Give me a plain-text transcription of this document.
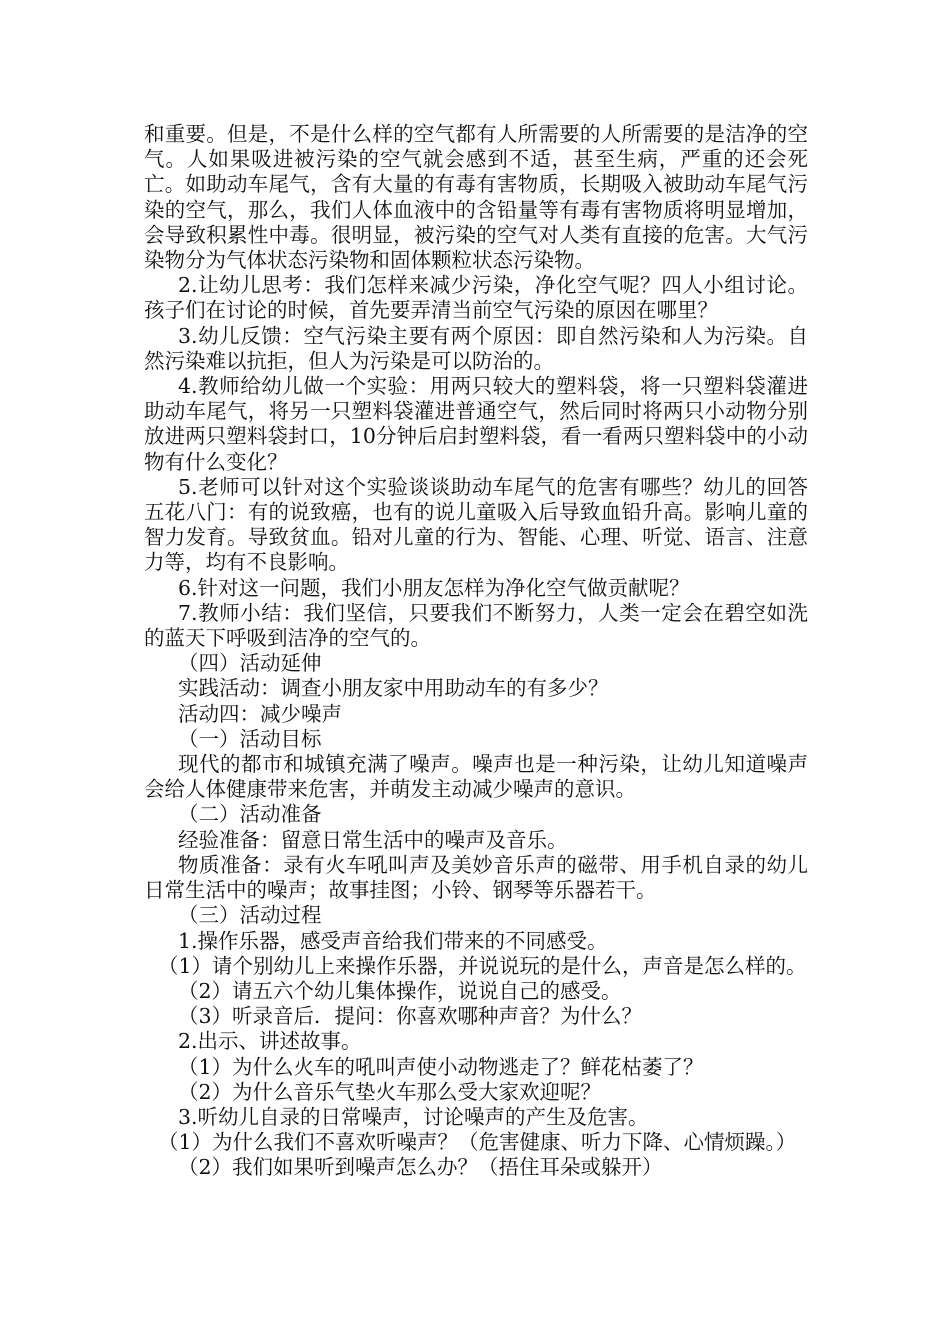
和重要。但是，不是什么样的空气都有人所需要的人所需要的是洁净的空气。人如果吸进被污染的空气就会感到不适，甚至生病，严重的还会死亡。如助动车尾气，含有大量的有毒有害物质，长期吸入被助动车尾气污染的空气，那么，我们人体血液中的含铅量等有毒有害物质将明显增加，会导致积累性中毒。很明显，被污染的空气对人类有直接的危害。大气污染物分为气体状态污染物和固体颗粒状态污染物。

2.让幼儿思考：我们怎样来减少污染，净化空气呢？四人小组讨论。孩子们在讨论的时候，首先要弄清当前空气污染的原因在哪里？

3.幼儿反馈：空气污染主要有两个原因：即自然污染和人为污染。自然污染难以抗拒，但人为污染是可以防治的。

4.教师给幼儿做一个实验：用两只较大的塑料袋，将一只塑料袋灌进助动车尾气，将另一只塑料袋灌进普通空气，然后同时将两只小动物分别放进两只塑料袋封口，10分钟后启封塑料袋，看一看两只塑料袋中的小动物有什么变化？

5.老师可以针对这个实验谈谈助动车尾气的危害有哪些？幼儿的回答五花八门：有的说致癌，也有的说儿童吸入后导致血铅升高。影响儿童的智力发育。导致贫血。铅对儿童的行为、智能、心理、听觉、语言、注意力等，均有不良影响。

6.针对这一问题，我们小朋友怎样为净化空气做贡献呢？

7.教师小结：我们坚信，只要我们不断努力，人类一定会在碧空如洗的蓝天下呼吸到洁净的空气的。

（四）活动延伸

实践活动：调查小朋友家中用助动车的有多少？

活动四：减少噪声

（一）活动目标

现代的都市和城镇充满了噪声。噪声也是一种污染，让幼儿知道噪声会给人体健康带来危害，并萌发主动减少噪声的意识。

（二）活动准备

经验准备：留意日常生活中的噪声及音乐。

物质准备：录有火车吼叫声及美妙音乐声的磁带、用手机自录的幼儿日常生活中的噪声；故事挂图；小铃、钢琴等乐器若干。

（三）活动过程

1.操作乐器，感受声音给我们带来的不同感受。

（1）请个别幼儿上来操作乐器，并说说玩的是什么，声音是怎么样的。

（2）请五六个幼儿集体操作，说说自己的感受。

（3）听录音后．提问：你喜欢哪种声音？为什么？

2.出示、讲述故事。

（1）为什么火车的吼叫声使小动物逃走了？鲜花枯萎了？

（2）为什么音乐气垫火车那么受大家欢迎呢？

3.听幼儿自录的日常噪声，讨论噪声的产生及危害。

（1）为什么我们不喜欢听噪声？（危害健康、听力下降、心情烦躁。）

（2）我们如果听到噪声怎么办？（捂住耳朵或躲开）
